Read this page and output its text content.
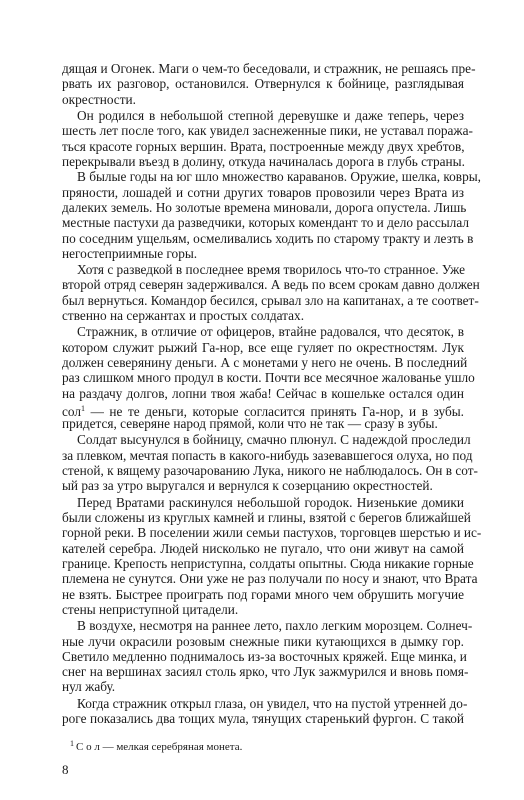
дящая и Огонек. Маги о чем-то беседовали, и стражник, не решаясь пре-
рвать их разговор, остановился. Отвернулся к бойнице, разглядывая
окрестности.
Он родился в небольшой степной деревушке и даже теперь, через
шесть лет после того, как увидел заснеженные пики, не уставал поража-
ться красоте горных вершин. Врата, построенные между двух хребтов,
перекрывали въезд в долину, откуда начиналась дорога в глубь страны.
В былые годы на юг шло множество караванов. Оружие, шелка, ковры,
пряности, лошадей и сотни других товаров провозили через Врата из
далеких земель. Но золотые времена миновали, дорога опустела. Лишь
местные пастухи да разведчики, которых комендант то и дело рассылал
по соседним ущельям, осмеливались ходить по старому тракту и лезть в
негостеприимные горы.
Хотя с разведкой в последнее время творилось что-то странное. Уже
второй отряд северян задерживался. А ведь по всем срокам давно должен
был вернуться. Командор бесился, срывал зло на капитанах, а те соответ-
ственно на сержантах и простых солдатах.
Стражник, в отличие от офицеров, втайне радовался, что десяток, в
котором служит рыжий Га-нор, все еще гуляет по окрестностям. Лук
должен северянину деньги. А с монетами у него не очень. В последний
раз слишком много продул в кости. Почти все месячное жалованье ушло
на раздачу долгов, лопни твоя жаба! Сейчас в кошельке остался один
сол$^1$ — не те деньги, которые согласится принять Га-нор, и в зубы.
придется, северяне народ прямой, коли что не так — сразу в зубы.
Солдат высунулся в бойницу, смачно плюнул. С надеждой проследил
за плевком, мечтая попасть в какого-нибудь зазевавшегося олуха, но под
стеной, к вящему разочарованию Лука, никого не наблюдалось. Он в сот-
ый раз за утро выругался и вернулся к созерцанию окрестностей.
Перед Вратами раскинулся небольшой городок. Низенькие домики
были сложены из круглых камней и глины, взятой с берегов ближайшей
горной реки. В поселении жили семьи пастухов, торговцев шерстью и ис-
кателей серебра. Людей нисколько не пугало, что они живут на самой
границе. Крепость неприступна, солдаты опытны. Сюда никакие горные
племена не сунутся. Они уже не раз получали по носу и знают, что Врата
не взять. Быстрее проиграть под горами много чем обрушить могучие
стены неприступной цитадели.
В воздухе, несмотря на раннее лето, пахло легким морозцем. Солнеч-
ные лучи окрасили розовым снежные пики кутающихся в дымку гор.
Светило медленно поднималось из-за восточных кряжей. Еще минка, и
снег на вершинах засиял столь ярко, что Лук зажмурился и вновь помя-
нул жабу.
Когда стражник открыл глаза, он увидел, что на пустой утренней до-
роге показались два тощих мула, тянущих старенький фургон. С такой
$^1$ С о л — мелкая серебряная монета.
8
